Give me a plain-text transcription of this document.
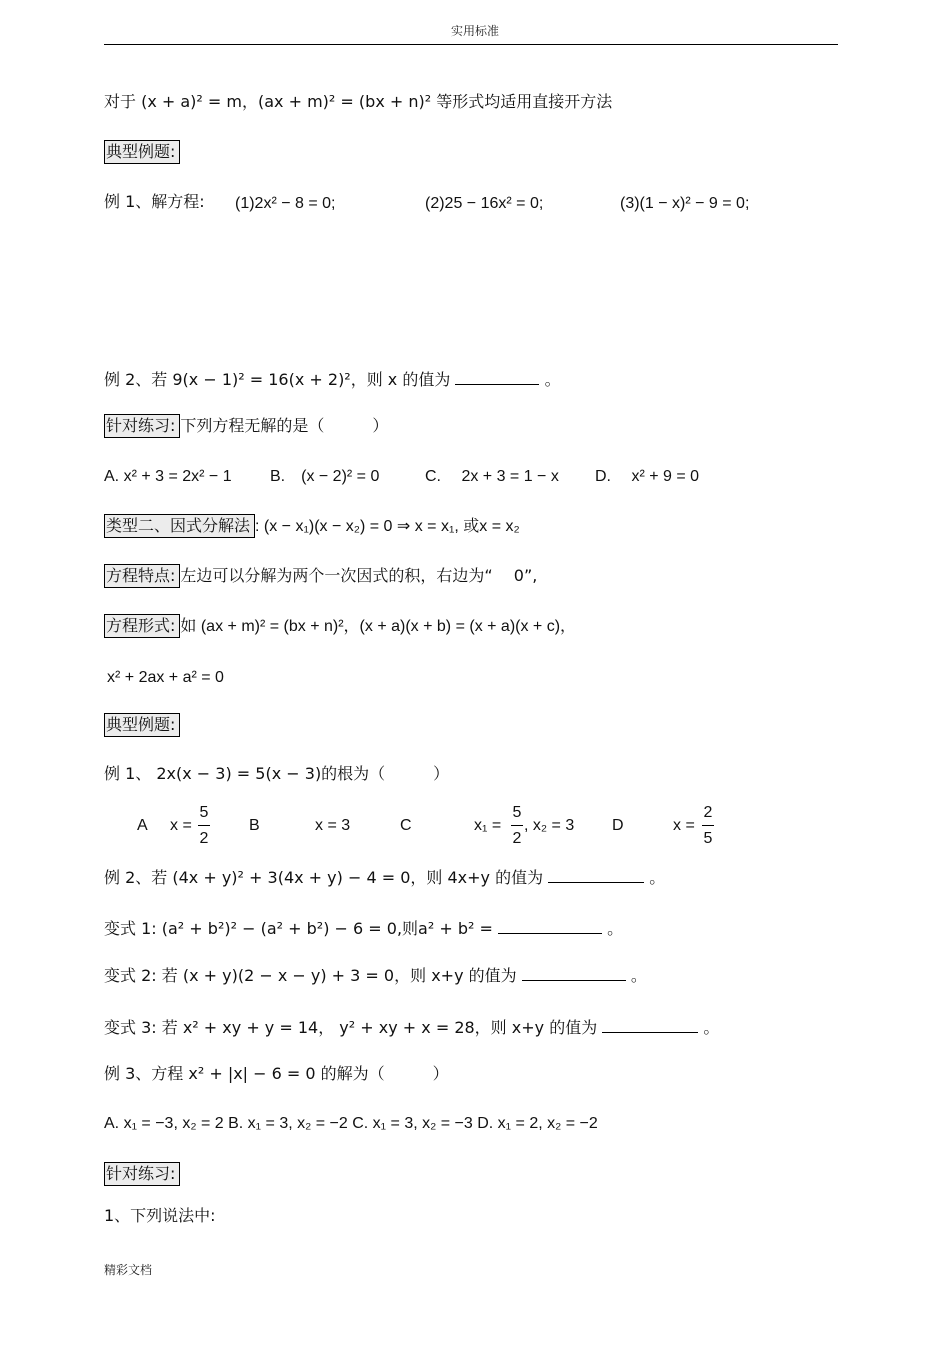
实用标准
对于 (x + a)² = m，(ax + m)² = (bx + n)² 等形式均适用直接开方法
典型例题:
例 1、解方程: (1)2x² − 8 = 0;	(2)25 − 16x² = 0;	(3)(1 − x)² − 9 = 0;
例 2、若 9(x − 1)² = 16(x + 2)²，则 x 的值为	。
针对练习: 下列方程无解的是（　　　）
A. x² + 3 = 2x² − 1 B.　(x − 2)² = 0	C.　 2x + 3 = 1 − x D.　 x² + 9 = 0
类型二、因式分解法 : (x − x₁)(x − x₂) = 0 ⇒ x = x₁, 或x = x₂
方程特点: 左边可以分解为两个一次因式的积，右边为“　 0”,
方程形式: 如 (ax + m)² = (bx + n)²，(x + a)(x + b) = (x + a)(x + c)，
x² + 2ax + a² = 0
典型例题:
例 1、 2x(x − 3) = 5(x − 3)的根为（　　　）
A x =
5
2
B	x = 3	C	x₁ =
5
2
, x₂ = 3 D	x =
2
5
例 2、若 (4x + y)² + 3(4x + y) − 4 = 0，则 4x+y 的值为	。
变式 1: (a² + b²)² − (a² + b²) − 6 = 0,则a² + b² =	。
变式 2: 若 (x + y)(2 − x − y) + 3 = 0，则 x+y 的值为	。
变式 3: 若 x² + xy + y = 14， y² + xy + x = 28，则 x+y 的值为	。
例 3、方程 x² + |x| − 6 = 0 的解为（　　　）
A. x₁ = −3, x₂ = 2 B. x₁ = 3, x₂ = −2 C. x₁ = 3, x₂ = −3 D. x₁ = 2, x₂ = −2
针对练习:
1、下列说法中:
精彩文档
